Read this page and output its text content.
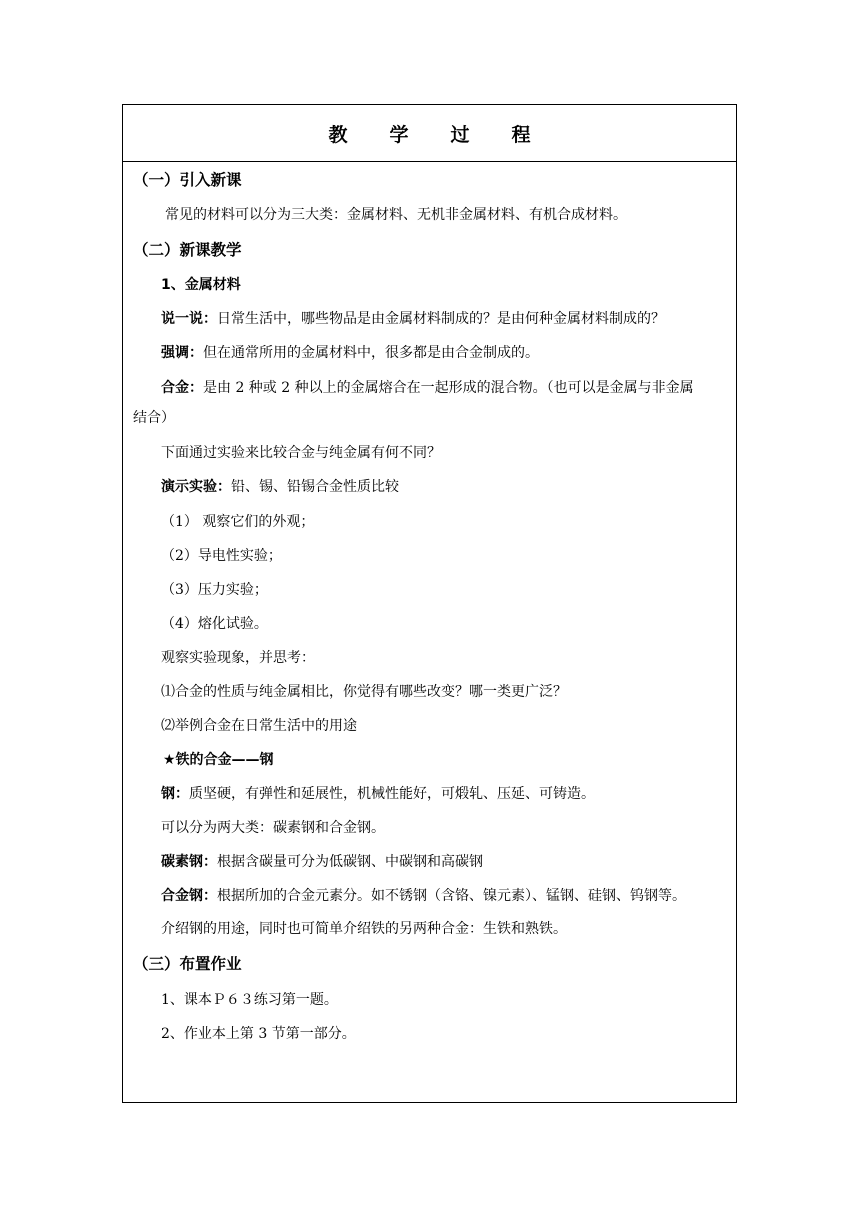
教学过程
（一）引入新课
常见的材料可以分为三大类：金属材料、无机非金属材料、有机合成材料。
（二）新课教学
1、金属材料
说一说：日常生活中，哪些物品是由金属材料制成的？是由何种金属材料制成的？
强调：但在通常所用的金属材料中，很多都是由合金制成的。
合金：是由 2 种或 2 种以上的金属熔合在一起形成的混合物。（也可以是金属与非金属
结合）
下面通过实验来比较合金与纯金属有何不同？
演示实验：铅、锡、铅锡合金性质比较
（1） 观察它们的外观；
（2）导电性实验；
（3）压力实验；
（4）熔化试验。
观察实验现象，并思考：
⑴合金的性质与纯金属相比，你觉得有哪些改变？哪一类更广泛？
⑵举例合金在日常生活中的用途
★铁的合金——钢
钢：质坚硬，有弹性和延展性，机械性能好，可煅轧、压延、可铸造。
可以分为两大类：碳素钢和合金钢。
碳素钢：根据含碳量可分为低碳钢、中碳钢和高碳钢
合金钢：根据所加的合金元素分。如不锈钢（含铬、镍元素）、锰钢、硅钢、钨钢等。
介绍钢的用途，同时也可简单介绍铁的另两种合金：生铁和熟铁。
（三）布置作业
1、课本Ｐ６３练习第一题。
2、作业本上第 3 节第一部分。
